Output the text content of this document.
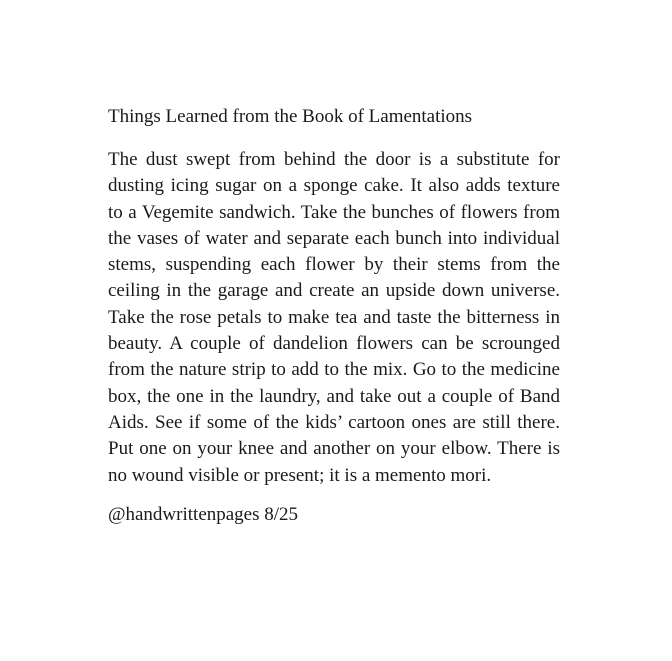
Things Learned from the Book of Lamentations

The dust swept from behind the door is a substitute for dusting icing sugar on a sponge cake. It also adds texture to a Vegemite sandwich. Take the bunches of flowers from the vases of water and separate each bunch into individual stems, suspending each flower by their stems from the ceiling in the garage and create an upside down universe. Take the rose petals to make tea and taste the bitterness in beauty. A couple of dandelion flowers can be scrounged from the nature strip to add to the mix. Go to the medicine box, the one in the laundry, and take out a couple of Band Aids. See if some of the kids’ cartoon ones are still there. Put one on your knee and another on your elbow. There is no wound visible or present; it is a memento mori.

@handwrittenpages 8/25
